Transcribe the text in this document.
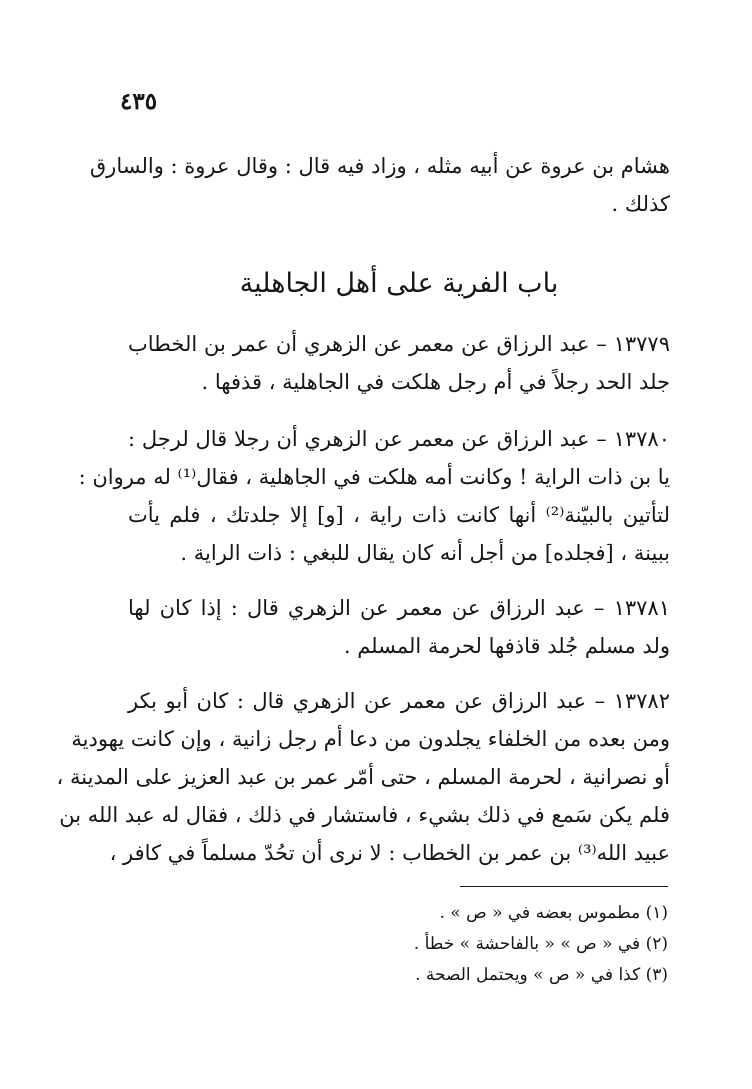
٤٣٥
هشام بن عروة عن أبيه مثله ، وزاد فيه قال : وقال عروة : والسارق
كذلك .
باب الفرية على أهل الجاهلية
١٣٧٧٩ – عبد الرزاق عن معمر عن الزهري أن عمر بن الخطاب
جلد الحد رجلاً في أم رجل هلكت في الجاهلية ، قذفها .
١٣٧٨٠ – عبد الرزاق عن معمر عن الزهري أن رجلا قال لرجل :
يا بن ذات الراية ! وكانت أمه هلكت في الجاهلية ، فقال⁽¹⁾ له مروان :
لتأتين بالبيّنة⁽²⁾ أنها كانت ذات راية ، [و] إلا جلدتك ، فلم يأت
ببينة ، [فجلده] من أجل أنه كان يقال للبغي : ذات الراية .
١٣٧٨١ – عبد الرزاق عن معمر عن الزهري قال : إذا كان لها
ولد مسلم جُلد قاذفها لحرمة المسلم .
١٣٧٨٢ – عبد الرزاق عن معمر عن الزهري قال : كان أبو بكر
ومن بعده من الخلفاء يجلدون من دعا أم رجل زانية ، وإن كانت يهودية
أو نصرانية ، لحرمة المسلم ، حتى أمّر عمر بن عبد العزيز على المدينة ،
فلم يكن سَمع في ذلك بشيء ، فاستشار في ذلك ، فقال له عبد الله بن
عبيد الله⁽³⁾ بن عمر بن الخطاب : لا نرى أن تحُدّ مسلماً في كافر ،
(١) مطموس بعضه في « ص » .
(٢) في « ص » « بالفاحشة » خطأ .
(٣) كذا في « ص » ويحتمل الصحة .
